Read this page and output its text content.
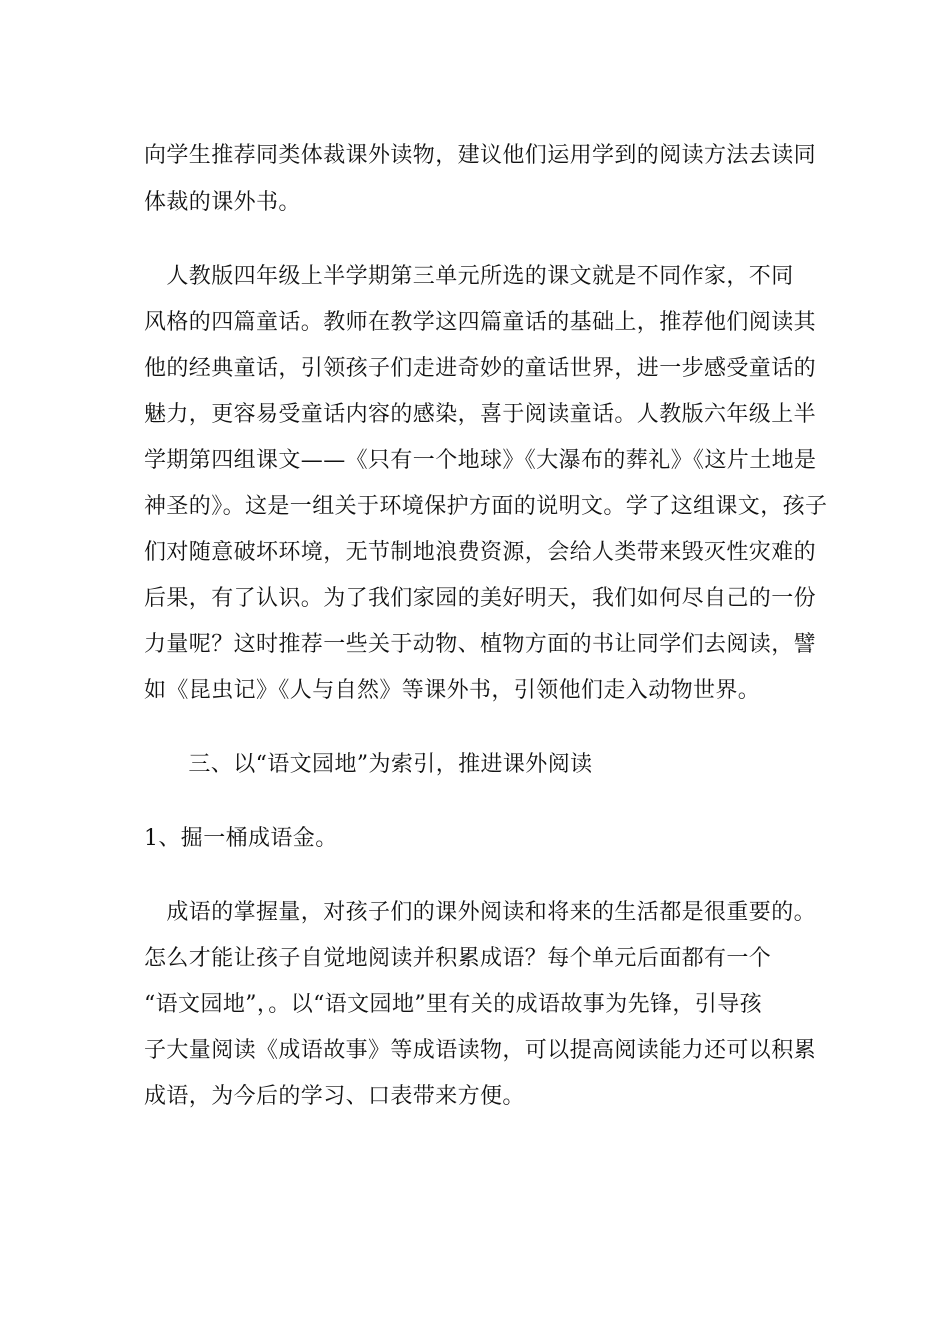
向学生推荐同类体裁课外读物，建议他们运用学到的阅读方法去读同
体裁的课外书。
　人教版四年级上半学期第三单元所选的课文就是不同作家，不同
风格的四篇童话。教师在教学这四篇童话的基础上，推荐他们阅读其
他的经典童话，引领孩子们走进奇妙的童话世界，进一步感受童话的
魅力，更容易受童话内容的感染，喜于阅读童话。人教版六年级上半
学期第四组课文——《只有一个地球》《大瀑布的葬礼》《这片土地是
神圣的》。这是一组关于环境保护方面的说明文。学了这组课文，孩子
们对随意破坏环境，无节制地浪费资源，会给人类带来毁灭性灾难的
后果，有了认识。为了我们家园的美好明天，我们如何尽自己的一份
力量呢？这时推荐一些关于动物、植物方面的书让同学们去阅读，譬
如《昆虫记》《人与自然》等课外书，引领他们走入动物世界。
　三、以“语文园地”为索引，推进课外阅读
1、掘一桶成语金。
　成语的掌握量，对孩子们的课外阅读和将来的生活都是很重要的。
怎么才能让孩子自觉地阅读并积累成语？每个单元后面都有一个
“语文园地”，。以“语文园地”里有关的成语故事为先锋，引导孩
子大量阅读《成语故事》等成语读物，可以提高阅读能力还可以积累
成语，为今后的学习、口表带来方便。
